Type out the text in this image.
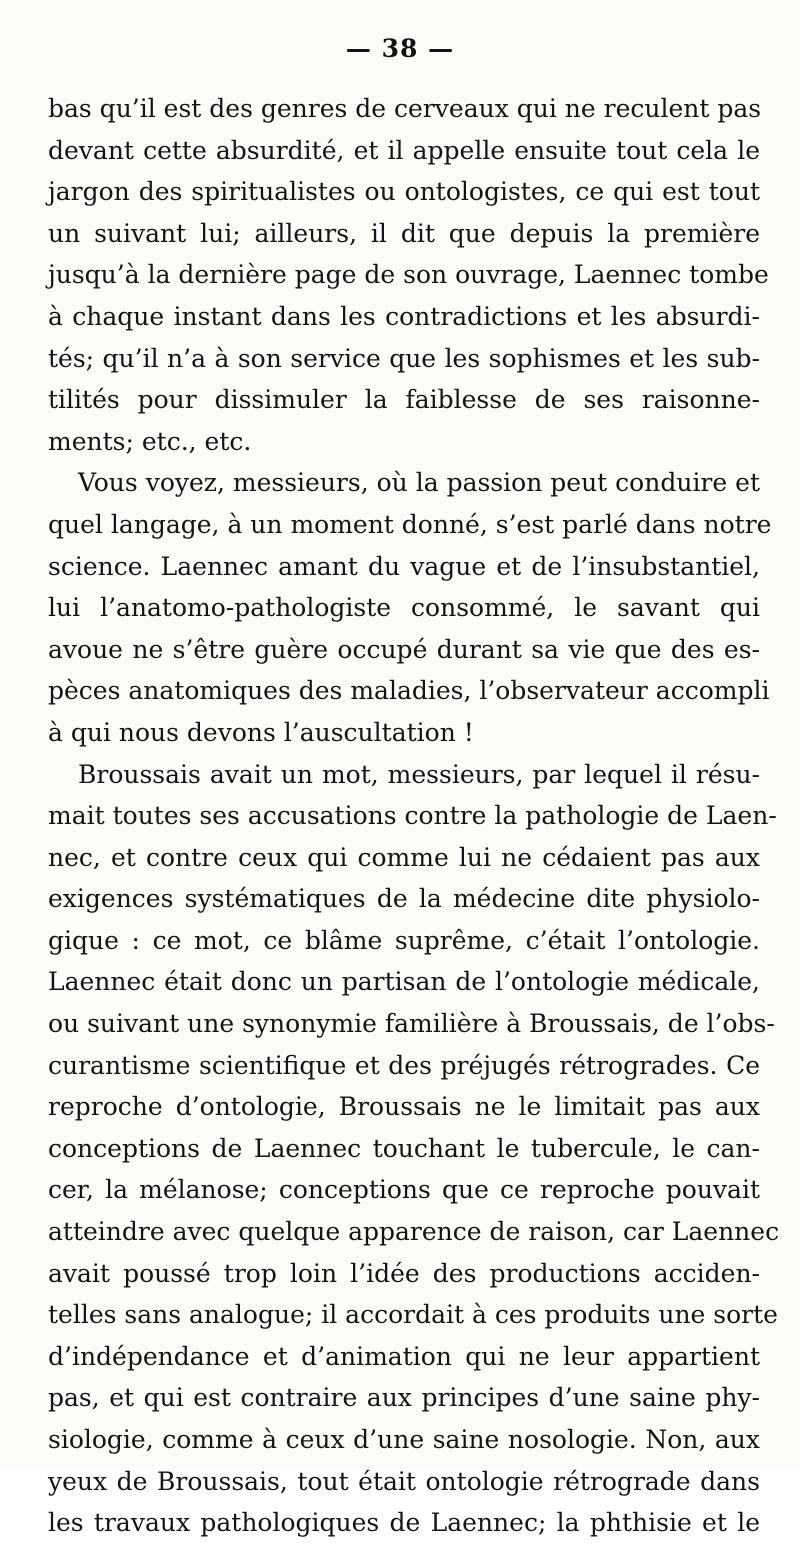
— 38 —
bas qu’il est des genres de cerveaux qui ne reculent pas
devant cette absurdité, et il appelle ensuite tout cela le
jargon des spiritualistes ou ontologistes, ce qui est tout
un suivant lui; ailleurs, il dit que depuis la première
jusqu’à la dernière page de son ouvrage, Laennec tombe
à chaque instant dans les contradictions et les absurdi-
tés; qu’il n’a à son service que les sophismes et les sub-
tilités pour dissimuler la faiblesse de ses raisonne-
ments; etc., etc.
Vous voyez, messieurs, où la passion peut conduire et
quel langage, à un moment donné, s’est parlé dans notre
science. Laennec amant du vague et de l’insubstantiel,
lui l’anatomo-pathologiste consommé, le savant qui
avoue ne s’être guère occupé durant sa vie que des es-
pèces anatomiques des maladies, l’observateur accompli
à qui nous devons l’auscultation !
Broussais avait un mot, messieurs, par lequel il résu-
mait toutes ses accusations contre la pathologie de Laen-
nec, et contre ceux qui comme lui ne cédaient pas aux
exigences systématiques de la médecine dite physiolo-
gique : ce mot, ce blâme suprême, c’était l’ontologie.
Laennec était donc un partisan de l’ontologie médicale,
ou suivant une synonymie familière à Broussais, de l’obs-
curantisme scientifique et des préjugés rétrogrades. Ce
reproche d’ontologie, Broussais ne le limitait pas aux
conceptions de Laennec touchant le tubercule, le can-
cer, la mélanose; conceptions que ce reproche pouvait
atteindre avec quelque apparence de raison, car Laennec
avait poussé trop loin l’idée des productions acciden-
telles sans analogue; il accordait à ces produits une sorte
d’indépendance et d’animation qui ne leur appartient
pas, et qui est contraire aux principes d’une saine phy-
siologie, comme à ceux d’une saine nosologie. Non, aux
yeux de Broussais, tout était ontologie rétrograde dans
les travaux pathologiques de Laennec; la phthisie et le
